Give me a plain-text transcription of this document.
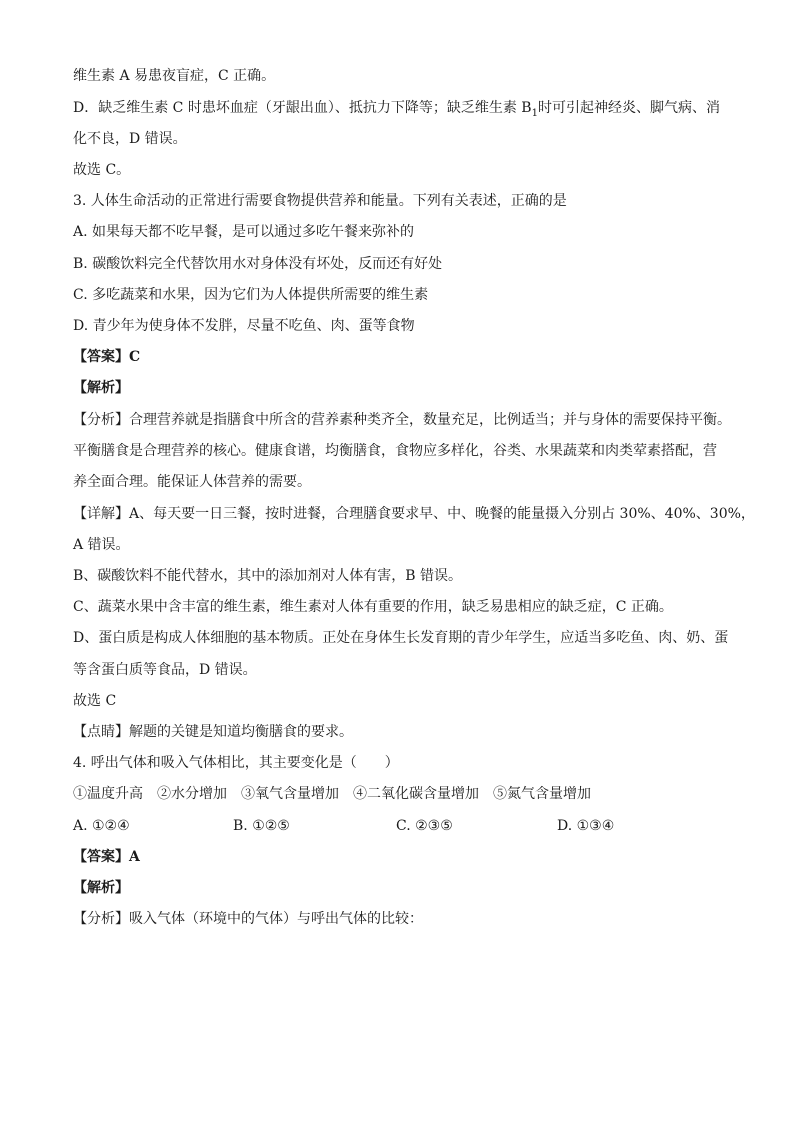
维生素 A 易患夜盲症，C 正确。
D．缺乏维生素 C 时患坏血症（牙龈出血）、抵抗力下降等；缺乏维生素 $B_1$时可引起神经炎、脚气病、消
化不良，D 错误。
故选 C。
3. 人体生命活动的正常进行需要食物提供营养和能量。下列有关表述，正确的是
A. 如果每天都不吃早餐，是可以通过多吃午餐来弥补的
B. 碳酸饮料完全代替饮用水对身体没有坏处，反而还有好处
C. 多吃蔬菜和水果，因为它们为人体提供所需要的维生素
D. 青少年为使身体不发胖，尽量不吃鱼、肉、蛋等食物
【答案】C
【解析】
【分析】合理营养就是指膳食中所含的营养素种类齐全，数量充足，比例适当；并与身体的需要保持平衡。
平衡膳食是合理营养的核心。健康食谱，均衡膳食，食物应多样化，谷类、水果蔬菜和肉类荤素搭配，营
养全面合理。能保证人体营养的需要。
【详解】A、每天要一日三餐，按时进餐，合理膳食要求早、中、晚餐的能量摄入分别占 30%、40%、30%，
A 错误。
B、碳酸饮料不能代替水，其中的添加剂对人体有害，B 错误。
C、蔬菜水果中含丰富的维生素，维生素对人体有重要的作用，缺乏易患相应的缺乏症，C 正确。
D、蛋白质是构成人体细胞的基本物质。正处在身体生长发育期的青少年学生，应适当多吃鱼、肉、奶、蛋
等含蛋白质等食品，D 错误。
故选 C
【点睛】解题的关键是知道均衡膳食的要求。
4. 呼出气体和吸入气体相比，其主要变化是（　　）
①温度升高　②水分增加　③氧气含量增加　④二氧化碳含量增加　⑤氮气含量增加
A. ①②④	B. ①②⑤	C. ②③⑤	D. ①③④
【答案】A
【解析】
【分析】吸入气体（环境中的气体）与呼出气体的比较：
